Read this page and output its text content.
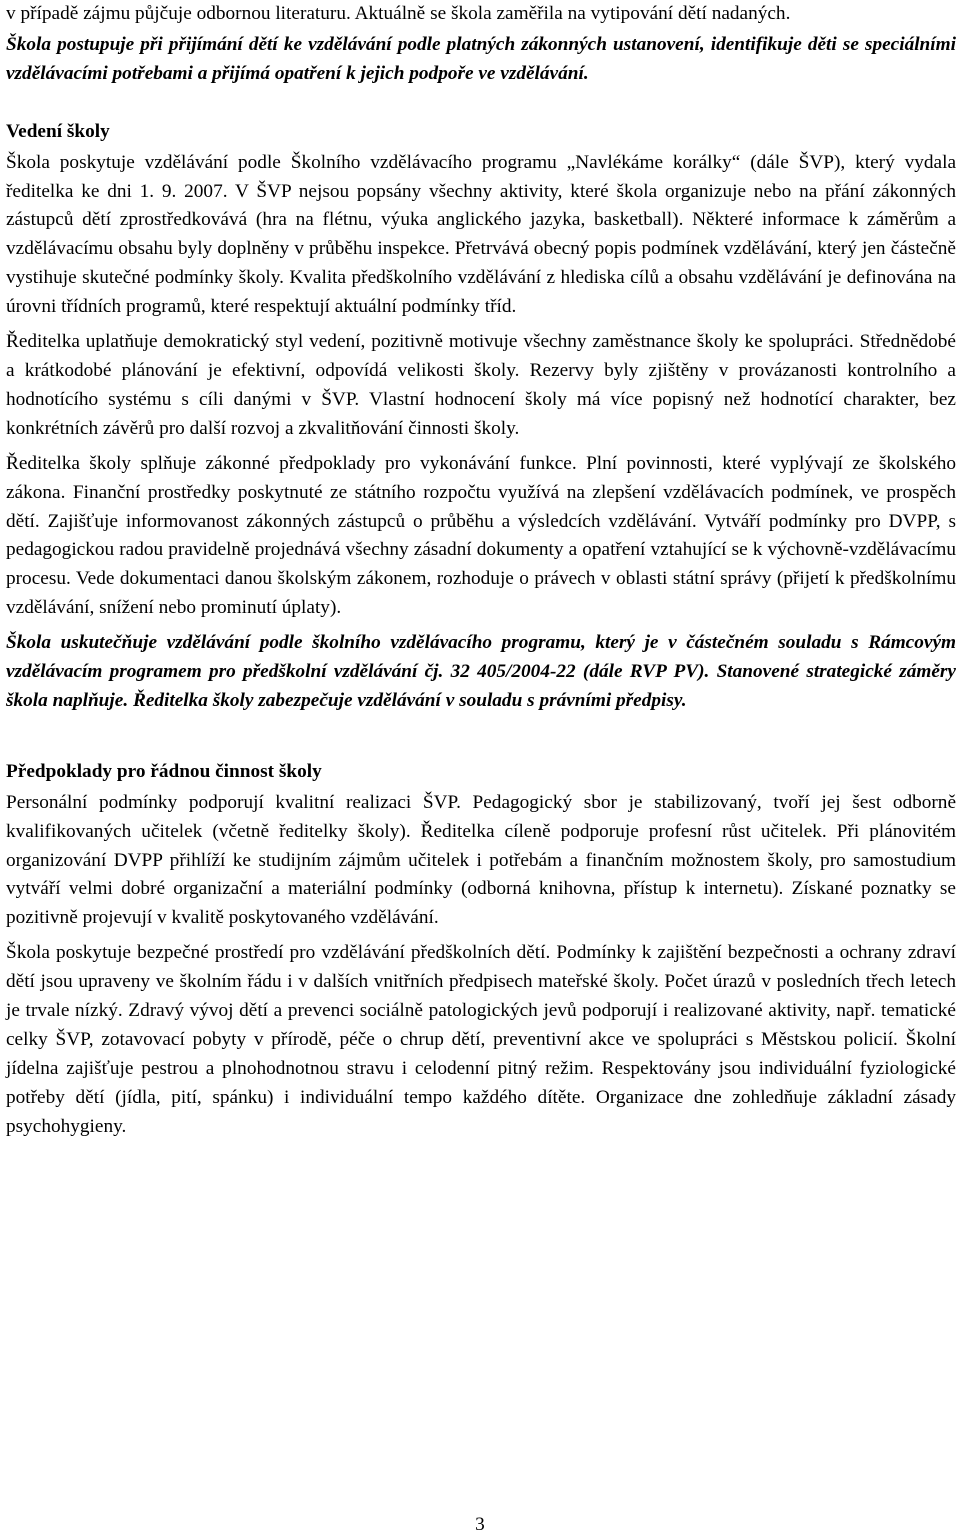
v případě zájmu půjčuje odbornou literaturu. Aktuálně se škola zaměřila na vytipování dětí nadaných.

Škola postupuje při přijímání dětí ke vzdělávání podle platných zákonných ustanovení, identifikuje děti se speciálními vzdělávacími potřebami a přijímá opatření k jejich podpoře ve vzdělávání.

Vedení školy

Škola poskytuje vzdělávání podle Školního vzdělávacího programu „Navlékáme korálky“ (dále ŠVP), který vydala ředitelka ke dni 1. 9. 2007. V ŠVP nejsou popsány všechny aktivity, které škola organizuje nebo na přání zákonných zástupců dětí zprostředkovává (hra na flétnu, výuka anglického jazyka, basketball). Některé informace k záměrům a vzdělávacímu obsahu byly doplněny v průběhu inspekce. Přetrvává obecný popis podmínek vzdělávání, který jen částečně vystihuje skutečné podmínky školy. Kvalita předškolního vzdělávání z hlediska cílů a obsahu vzdělávání je definována na úrovni třídních programů, které respektují aktuální podmínky tříd.

Ředitelka uplatňuje demokratický styl vedení, pozitivně motivuje všechny zaměstnance školy ke spolupráci. Střednědobé a krátkodobé plánování je efektivní, odpovídá velikosti školy. Rezervy byly zjištěny v provázanosti kontrolního a hodnotícího systému s cíli danými v ŠVP. Vlastní hodnocení školy má více popisný než hodnotící charakter, bez konkrétních závěrů pro další rozvoj a zkvalitňování činnosti školy.

Ředitelka školy splňuje zákonné předpoklady pro vykonávání funkce. Plní povinnosti, které vyplývají ze školského zákona. Finanční prostředky poskytnuté ze státního rozpočtu využívá na zlepšení vzdělávacích podmínek, ve prospěch dětí. Zajišťuje informovanost zákonných zástupců o průběhu a výsledcích vzdělávání. Vytváří podmínky pro DVPP, s pedagogickou radou pravidelně projednává všechny zásadní dokumenty a opatření vztahující se k výchovně-vzdělávacímu procesu. Vede dokumentaci danou školským zákonem, rozhoduje o právech v oblasti státní správy (přijetí k předškolnímu vzdělávání, snížení nebo prominutí úplaty).

Škola uskutečňuje vzdělávání podle školního vzdělávacího programu, který je v částečném souladu s Rámcovým vzdělávacím programem pro předškolní vzdělávání čj. 32 405/2004-22 (dále RVP PV). Stanovené strategické záměry škola naplňuje. Ředitelka školy zabezpečuje vzdělávání v souladu s právními předpisy.

Předpoklady pro řádnou činnost školy

Personální podmínky podporují kvalitní realizaci ŠVP. Pedagogický sbor je stabilizovaný, tvoří jej šest odborně kvalifikovaných učitelek (včetně ředitelky školy). Ředitelka cíleně podporuje profesní růst učitelek. Při plánovitém organizování DVPP přihlíží ke studijním zájmům učitelek i potřebám a finančním možnostem školy, pro samostudium vytváří velmi dobré organizační a materiální podmínky (odborná knihovna, přístup k internetu). Získané poznatky se pozitivně projevují v kvalitě poskytovaného vzdělávání.

Škola poskytuje bezpečné prostředí pro vzdělávání předškolních dětí. Podmínky k zajištění bezpečnosti a ochrany zdraví dětí jsou upraveny ve školním řádu i v dalších vnitřních předpisech mateřské školy. Počet úrazů v posledních třech letech je trvale nízký. Zdravý vývoj dětí a prevenci sociálně patologických jevů podporují i realizované aktivity, např. tematické celky ŠVP, zotavovací pobyty v přírodě, péče o chrup dětí, preventivní akce ve spolupráci s Městskou policií. Školní jídelna zajišťuje pestrou a plnohodnotnou stravu i celodenní pitný režim. Respektovány jsou individuální fyziologické potřeby dětí (jídla, pití, spánku) i individuální tempo každého dítěte. Organizace dne zohledňuje základní zásady psychohygieny.

3
